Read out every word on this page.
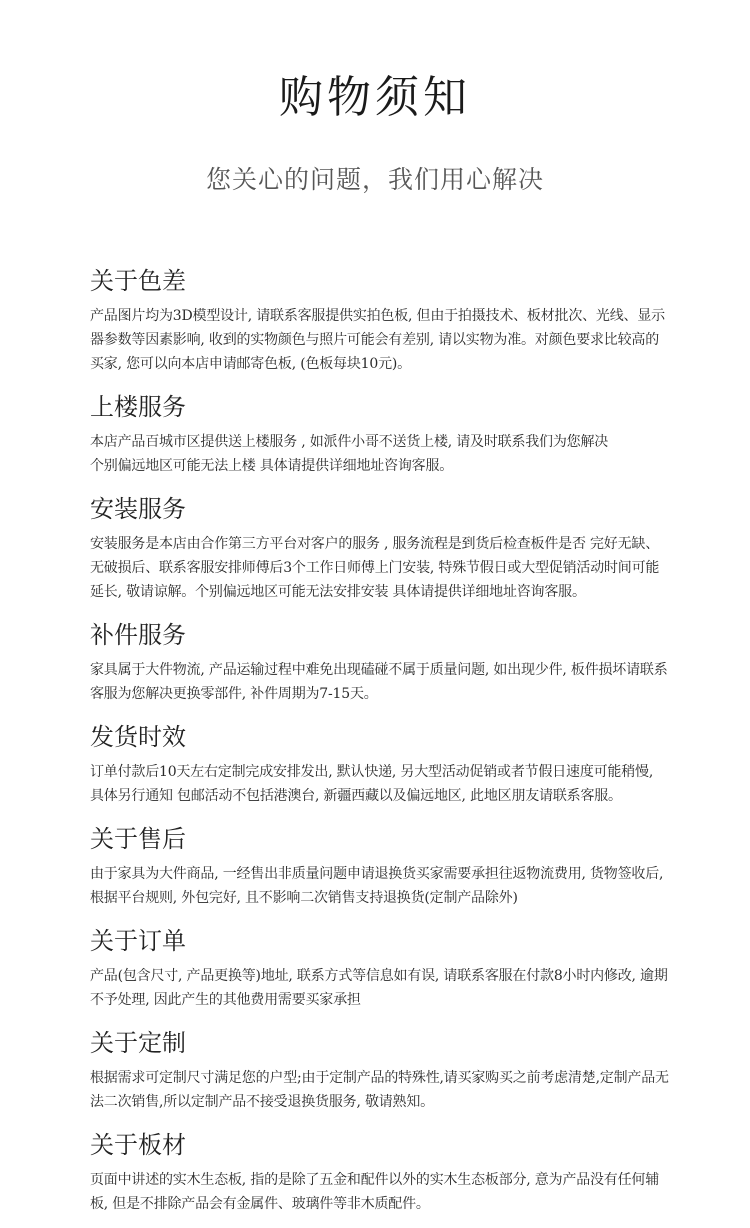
购物须知

您关心的问题，我们用心解决

关于色差

产品图片均为3D模型设计, 请联系客服提供实拍色板, 但由于拍摄技术、板材批次、光线、显示器参数等因素影响, 收到的实物颜色与照片可能会有差别, 请以实物为准。对颜色要求比较高的买家, 您可以向本店申请邮寄色板, (色板每块10元)。

上楼服务

本店产品百城市区提供送上楼服务 , 如派件小哥不送货上楼, 请及时联系我们为您解决
个别偏远地区可能无法上楼 具体请提供详细地址咨询客服。

安装服务

安装服务是本店由合作第三方平台对客户的服务 , 服务流程是到货后检查板件是否 完好无缺、无破损后、联系客服安排师傅后3个工作日师傅上门安装, 特殊节假日或大型促销活动时间可能延长, 敬请谅解。个别偏远地区可能无法安排安装 具体请提供详细地址咨询客服。

补件服务

家具属于大件物流, 产品运输过程中难免出现磕碰不属于质量问题, 如出现少件, 板件损坏请联系客服为您解决更换零部件, 补件周期为7-15天。

发货时效

订单付款后10天左右定制完成安排发出, 默认快递, 另大型活动促销或者节假日速度可能稍慢, 具体另行通知 包邮活动不包括港澳台, 新疆西藏以及偏远地区, 此地区朋友请联系客服。

关于售后

由于家具为大件商品, 一经售出非质量问题申请退换货买家需要承担往返物流费用, 货物签收后, 根据平台规则, 外包完好, 且不影响二次销售支持退换货(定制产品除外)

关于订单

产品(包含尺寸, 产品更换等)地址, 联系方式等信息如有误, 请联系客服在付款8小时内修改, 逾期不予处理, 因此产生的其他费用需要买家承担

关于定制

根据需求可定制尺寸满足您的户型;由于定制产品的特殊性,请买家购买之前考虑清楚,定制产品无法二次销售,所以定制产品不接受退换货服务, 敬请熟知。

关于板材

页面中讲述的实木生态板, 指的是除了五金和配件以外的实木生态板部分, 意为产品没有任何辅板, 但是不排除产品会有金属件、玻璃件等非木质配件。
